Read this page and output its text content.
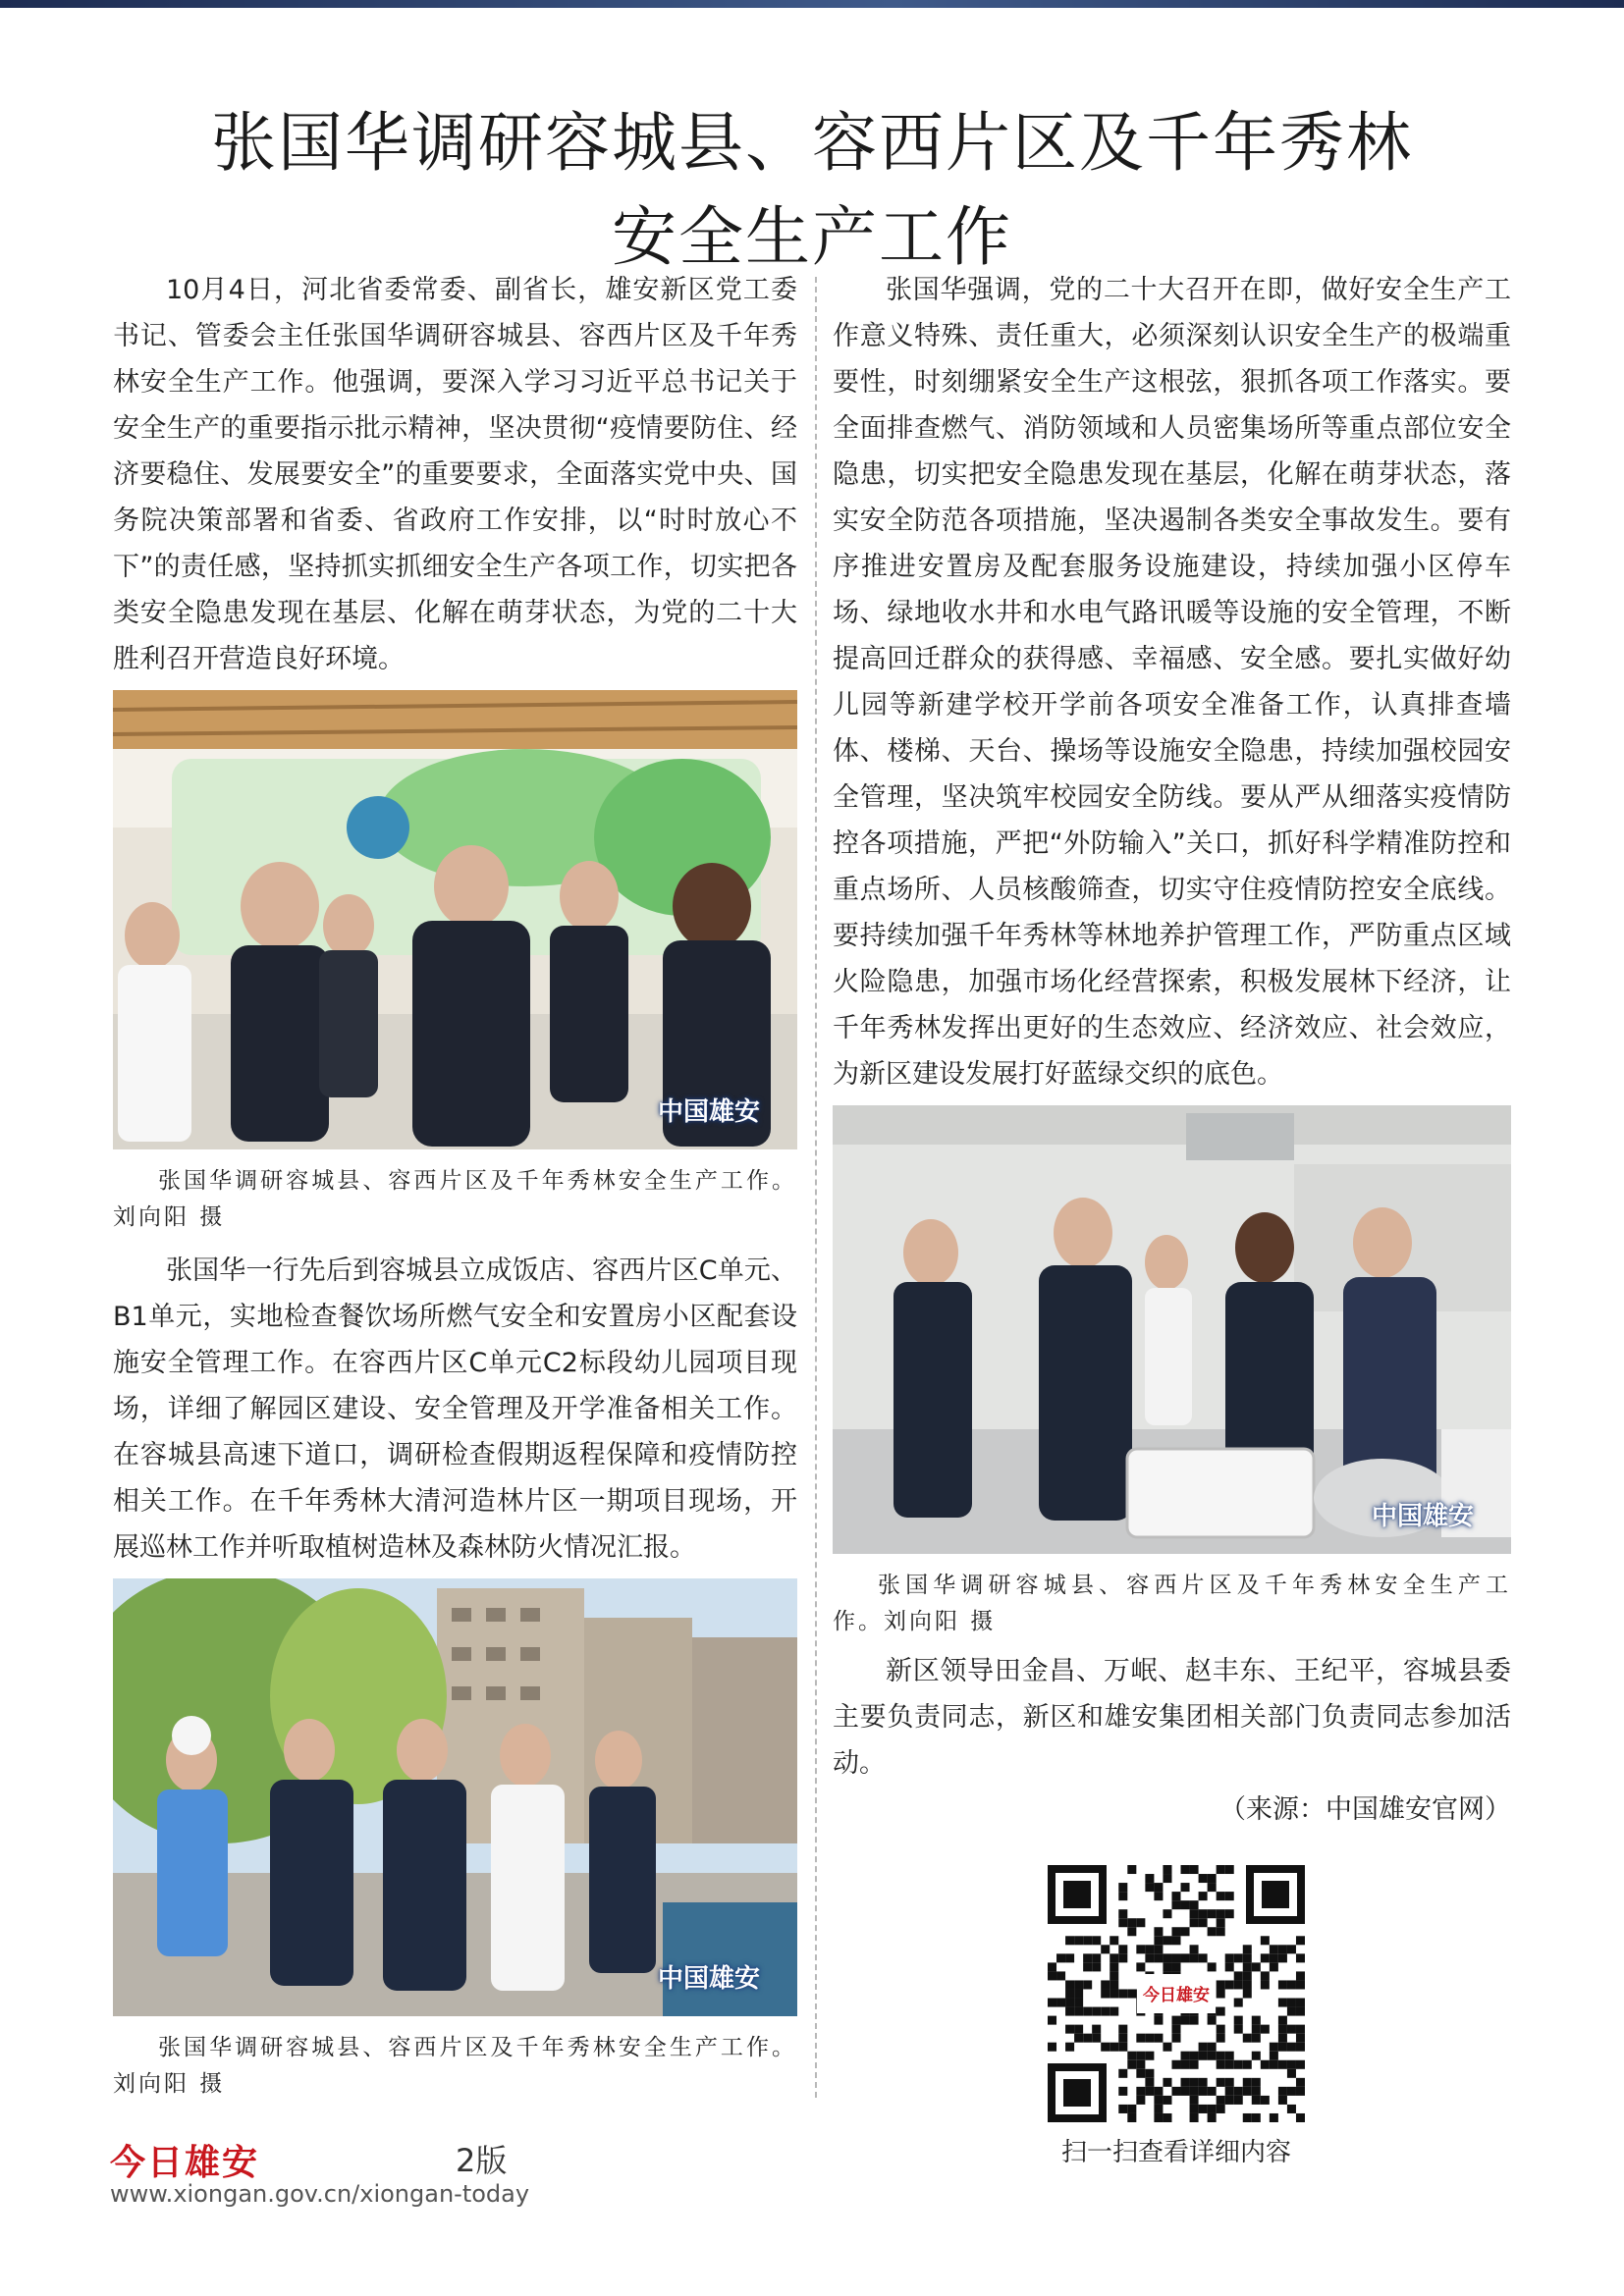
张国华调研容城县、容西片区及千年秀林
安全生产工作

10月4日，河北省委常委、副省长，雄安新区党工委书记、管委会主任张国华调研容城县、容西片区及千年秀林安全生产工作。他强调，要深入学习习近平总书记关于安全生产的重要指示批示精神，坚决贯彻“疫情要防住、经济要稳住、发展要安全”的重要要求，全面落实党中央、国务院决策部署和省委、省政府工作安排，以“时时放心不下”的责任感，坚持抓实抓细安全生产各项工作，切实把各类安全隐患发现在基层、化解在萌芽状态，为党的二十大胜利召开营造良好环境。

中国雄安

张国华调研容城县、容西片区及千年秀林安全生产工作。刘向阳 摄

张国华一行先后到容城县立成饭店、容西片区C单元、B1单元，实地检查餐饮场所燃气安全和安置房小区配套设施安全管理工作。在容西片区C单元C2标段幼儿园项目现场，详细了解园区建设、安全管理及开学准备相关工作。在容城县高速下道口，调研检查假期返程保障和疫情防控相关工作。在千年秀林大清河造林片区一期项目现场，开展巡林工作并听取植树造林及森林防火情况汇报。

中国雄安

张国华调研容城县、容西片区及千年秀林安全生产工作。刘向阳 摄

张国华强调，党的二十大召开在即，做好安全生产工作意义特殊、责任重大，必须深刻认识安全生产的极端重要性，时刻绷紧安全生产这根弦，狠抓各项工作落实。要全面排查燃气、消防领域和人员密集场所等重点部位安全隐患，切实把安全隐患发现在基层，化解在萌芽状态，落实安全防范各项措施，坚决遏制各类安全事故发生。要有序推进安置房及配套服务设施建设，持续加强小区停车场、绿地收水井和水电气路讯暖等设施的安全管理，不断提高回迁群众的获得感、幸福感、安全感。要扎实做好幼儿园等新建学校开学前各项安全准备工作，认真排查墙体、楼梯、天台、操场等设施安全隐患，持续加强校园安全管理，坚决筑牢校园安全防线。要从严从细落实疫情防控各项措施，严把“外防输入”关口，抓好科学精准防控和重点场所、人员核酸筛查，切实守住疫情防控安全底线。要持续加强千年秀林等林地养护管理工作，严防重点区域火险隐患，加强市场化经营探索，积极发展林下经济，让千年秀林发挥出更好的生态效应、经济效应、社会效应，为新区建设发展打好蓝绿交织的底色。

中国雄安

张国华调研容城县、容西片区及千年秀林安全生产工作。刘向阳 摄

新区领导田金昌、万岷、赵丰东、王纪平，容城县委主要负责同志，新区和雄安集团相关部门负责同志参加活动。

（来源：中国雄安官网）

今日雄安
扫一扫查看详细内容
今日雄安	2版
www.xiongan.gov.cn/xiongan-today
